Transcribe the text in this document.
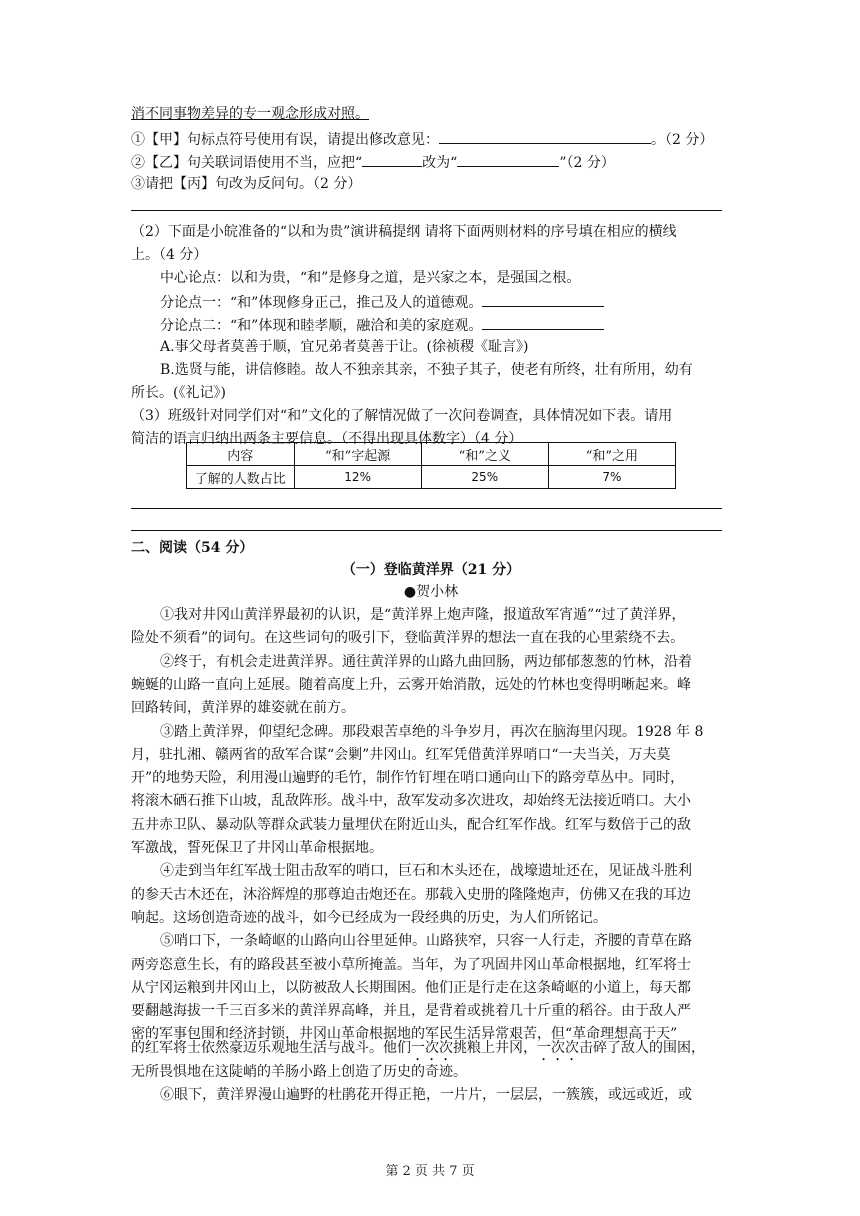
消不同事物差异的专一观念形成对照。
①【甲】句标点符号使用有误，请提出修改意见：	。（2 分）
②【乙】句关联词语使用不当，应把“	改为“	”（2 分）
③请把【丙】句改为反问句。（2 分）
（2）下面是小皖准备的“以和为贵”演讲稿提纲 请将下面两则材料的序号填在相应的横线
上。（4 分）
中心论点：以和为贵，“和”是修身之道，是兴家之本，是强国之根。
分论点一：“和”体现修身正己，推己及人的道德观。
分论点二：“和”体现和睦孝顺，融洽和美的家庭观。
A.事父母者莫善于顺，宜兄弟者莫善于让。(徐祯稷《耻言》)
B.选贤与能，讲信修睦。故人不独亲其亲，不独子其子，使老有所终，壮有所用，幼有
所长。(《礼记》)
（3）班级针对同学们对“和”文化的了解情况做了一次问卷调查，具体情况如下表。请用
简洁的语言归纳出两条主要信息。（不得出现具体数字）（4 分）
内容	“和”字起源	“和”之义	“和”之用
了解的人数占比	12%	25%	7%
二、阅读（54 分）
（一）登临黄洋界（21 分）
●贺小林
①我对井冈山黄洋界最初的认识，是“黄洋界上炮声隆，报道敌军宵遁”“过了黄洋界，
险处不须看”的词句。在这些词句的吸引下，登临黄洋界的想法一直在我的心里萦绕不去。
②终于，有机会走进黄洋界。通往黄洋界的山路九曲回肠，两边郁郁葱葱的竹林，沿着
蜿蜒的山路一直向上延展。随着高度上升，云雾开始消散，远处的竹林也变得明晰起来。峰
回路转间，黄洋界的雄姿就在前方。
③踏上黄洋界，仰望纪念碑。那段艰苦卓绝的斗争岁月，再次在脑海里闪现。1928 年 8
月，驻扎湘、赣两省的敌军合谋“会剿”井冈山。红军凭借黄洋界哨口“一夫当关，万夫莫
开”的地势天险，利用漫山遍野的毛竹，制作竹钉埋在哨口通向山下的路旁草丛中。同时，
将滚木硒石推下山坡，乱敌阵形。战斗中，敌军发动多次进攻，却始终无法接近哨口。大小
五井赤卫队、暴动队等群众武装力量埋伏在附近山头，配合红军作战。红军与数倍于己的敌
军激战，誓死保卫了井冈山革命根据地。
④走到当年红军战士阻击敌军的哨口，巨石和木头还在，战壕遗址还在，见证战斗胜利
的参天古木还在，沐浴辉煌的那尊迫击炮还在。那载入史册的隆隆炮声，仿佛又在我的耳边
响起。这场创造奇迹的战斗，如今已经成为一段经典的历史，为人们所铭记。
⑤哨口下，一条崎岖的山路向山谷里延伸。山路狭窄，只容一人行走，齐腰的青草在路
两旁恣意生长，有的路段甚至被小草所掩盖。当年，为了巩固井冈山革命根据地，红军将士
从宁冈运粮到井冈山上，以防被敌人长期围困。他们正是行走在这条崎岖的小道上，每天都
要翻越海拔一千三百多米的黄洋界高峰，并且，是背着或挑着几十斤重的稻谷。由于敌人严
密的军事包围和经济封锁，井冈山革命根据地的军民生活异常艰苦，但“革命理想高于天”
的红军将士依然豪迈乐观地生活与战斗。他们一次次挑粮上井冈，一次次击碎了敌人的围困，
无所畏惧地在这陡峭的羊肠小路上创造了历史的奇迹。
⑥眼下，黄洋界漫山遍野的杜鹃花开得正艳，一片片，一层层，一簇簇，或远或近，或
第 2 页 共 7 页
